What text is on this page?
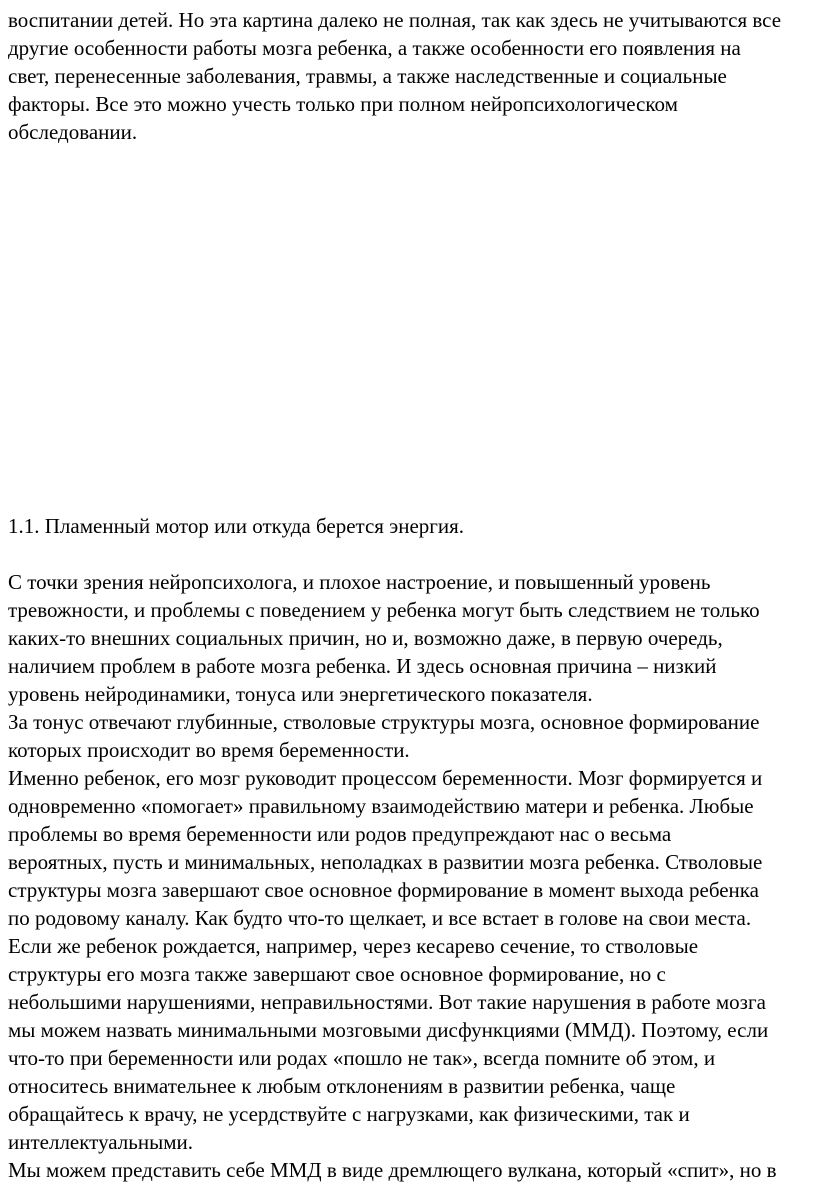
воспитании детей. Но эта картина далеко не полная, так как здесь не учитываются все
другие особенности работы мозга ребенка, а также особенности его появления на
свет, перенесенные заболевания, травмы, а также наследственные и социальные
факторы. Все это можно учесть только при полном нейропсихологическом
обследовании.
1.1. Пламенный мотор или откуда берется энергия.
С точки зрения нейропсихолога, и плохое настроение, и повышенный уровень
тревожности, и проблемы с поведением у ребенка могут быть следствием не только
каких-то внешних социальных причин, но и, возможно даже, в первую очередь,
наличием проблем в работе мозга ребенка. И здесь основная причина – низкий
уровень нейродинамики, тонуса или энергетического показателя.
За тонус отвечают глубинные, стволовые структуры мозга, основное формирование
которых происходит во время беременности.
Именно ребенок, его мозг руководит процессом беременности. Мозг формируется и
одновременно «помогает» правильному взаимодействию матери и ребенка. Любые
проблемы во время беременности или родов предупреждают нас о весьма
вероятных, пусть и минимальных, неполадках в развитии мозга ребенка. Стволовые
структуры мозга завершают свое основное формирование в момент выхода ребенка
по родовому каналу. Как будто что-то щелкает, и все встает в голове на свои места.
Если же ребенок рождается, например, через кесарево сечение, то стволовые
структуры его мозга также завершают свое основное формирование, но с
небольшими нарушениями, неправильностями. Вот такие нарушения в работе мозга
мы можем назвать минимальными мозговыми дисфункциями (ММД). Поэтому, если
что-то при беременности или родах «пошло не так», всегда помните об этом, и
относитесь внимательнее к любым отклонениям в развитии ребенка, чаще
обращайтесь к врачу, не усердствуйте с нагрузками, как физическими, так и
интеллектуальными.
Мы можем представить себе ММД в виде дремлющего вулкана, который «спит», но в
